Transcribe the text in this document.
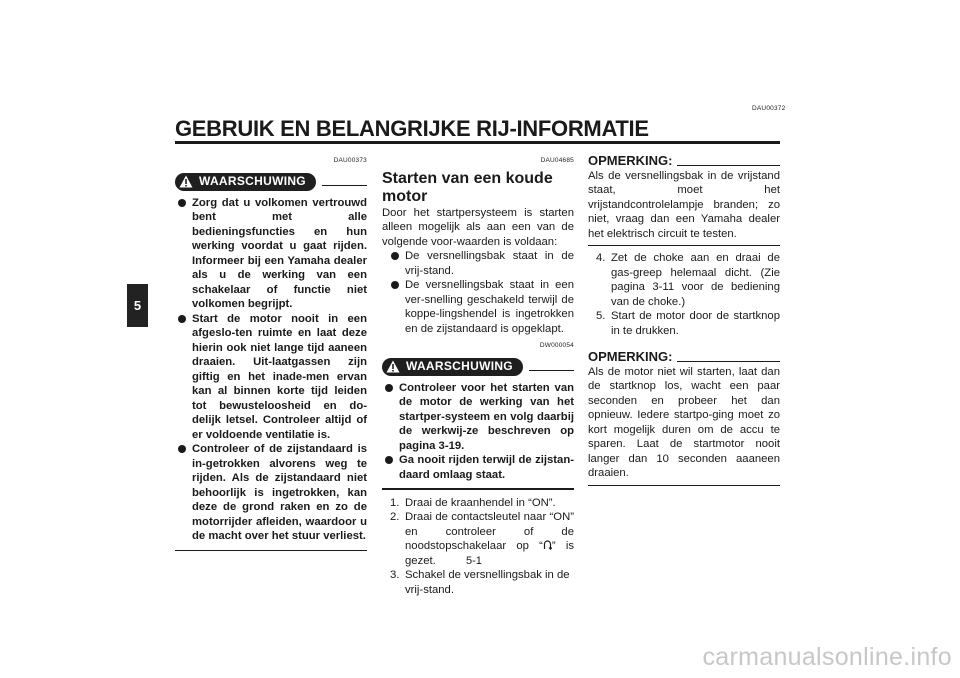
DAU00372
GEBRUIK EN BELANGRIJKE RIJ-INFORMATIE
5
DAU00373
WAARSCHUWING
Zorg dat u volkomen vertrouwd bent met alle bedieningsfuncties en hun werking voordat u gaat rijden. Informeer bij een Yamaha dealer als u de werking van een schakelaar of functie niet volkomen begrijpt.
Start de motor nooit in een afgeslo-ten ruimte en laat deze hierin ook niet lange tijd aaneen draaien. Uit-laatgassen zijn giftig en het inade-men ervan kan al binnen korte tijd leiden tot bewusteloosheid en do-delijk letsel. Controleer altijd of er voldoende ventilatie is.
Controleer of de zijstandaard is in-getrokken alvorens weg te rijden. Als de zijstandaard niet behoorlijk is ingetrokken, kan deze de grond raken en zo de motorrijder afleiden, waardoor u de macht over het stuur verliest.
DAU04685
Starten van een koude motor

Door het startpersysteem is starten alleen mogelijk als aan een van de volgende voor-waarden is voldaan:

De versnellingsbak staat in de vrij-stand.
De versnellingsbak staat in een ver-snelling geschakeld terwijl de koppe-lingshendel is ingetrokken en de zijstandaard is opgeklapt.
DW000054
WAARSCHUWING
Controleer voor het starten van de motor de werking van het startper-systeem en volg daarbij de werkwij-ze beschreven op pagina 3-19.
Ga nooit rijden terwijl de zijstan-daard omlaag staat.
1. Draai de kraanhendel in “ON”.
2. Draai de contactsleutel naar “ON” en controleer of de noodstopschakelaar op “ ” is gezet.
3. Schakel de versnellingsbak in de vrij-stand.
OPMERKING:

Als de versnellingsbak in de vrijstand staat, moet het vrijstandcontrolelampje branden; zo niet, vraag dan een Yamaha dealer het elektrisch circuit te testen.

4. Zet de choke aan en draai de gas-greep helemaal dicht. (Zie pagina 3-11 voor de bediening van de choke.)
5. Start de motor door de startknop in te drukken.
OPMERKING:

Als de motor niet wil starten, laat dan de startknop los, wacht een paar seconden en probeer het dan opnieuw. Iedere startpo-ging moet zo kort mogelijk duren om de accu te sparen. Laat de startmotor nooit langer dan 10 seconden aaaneen draaien.

5-1
carmanualsonline.info
